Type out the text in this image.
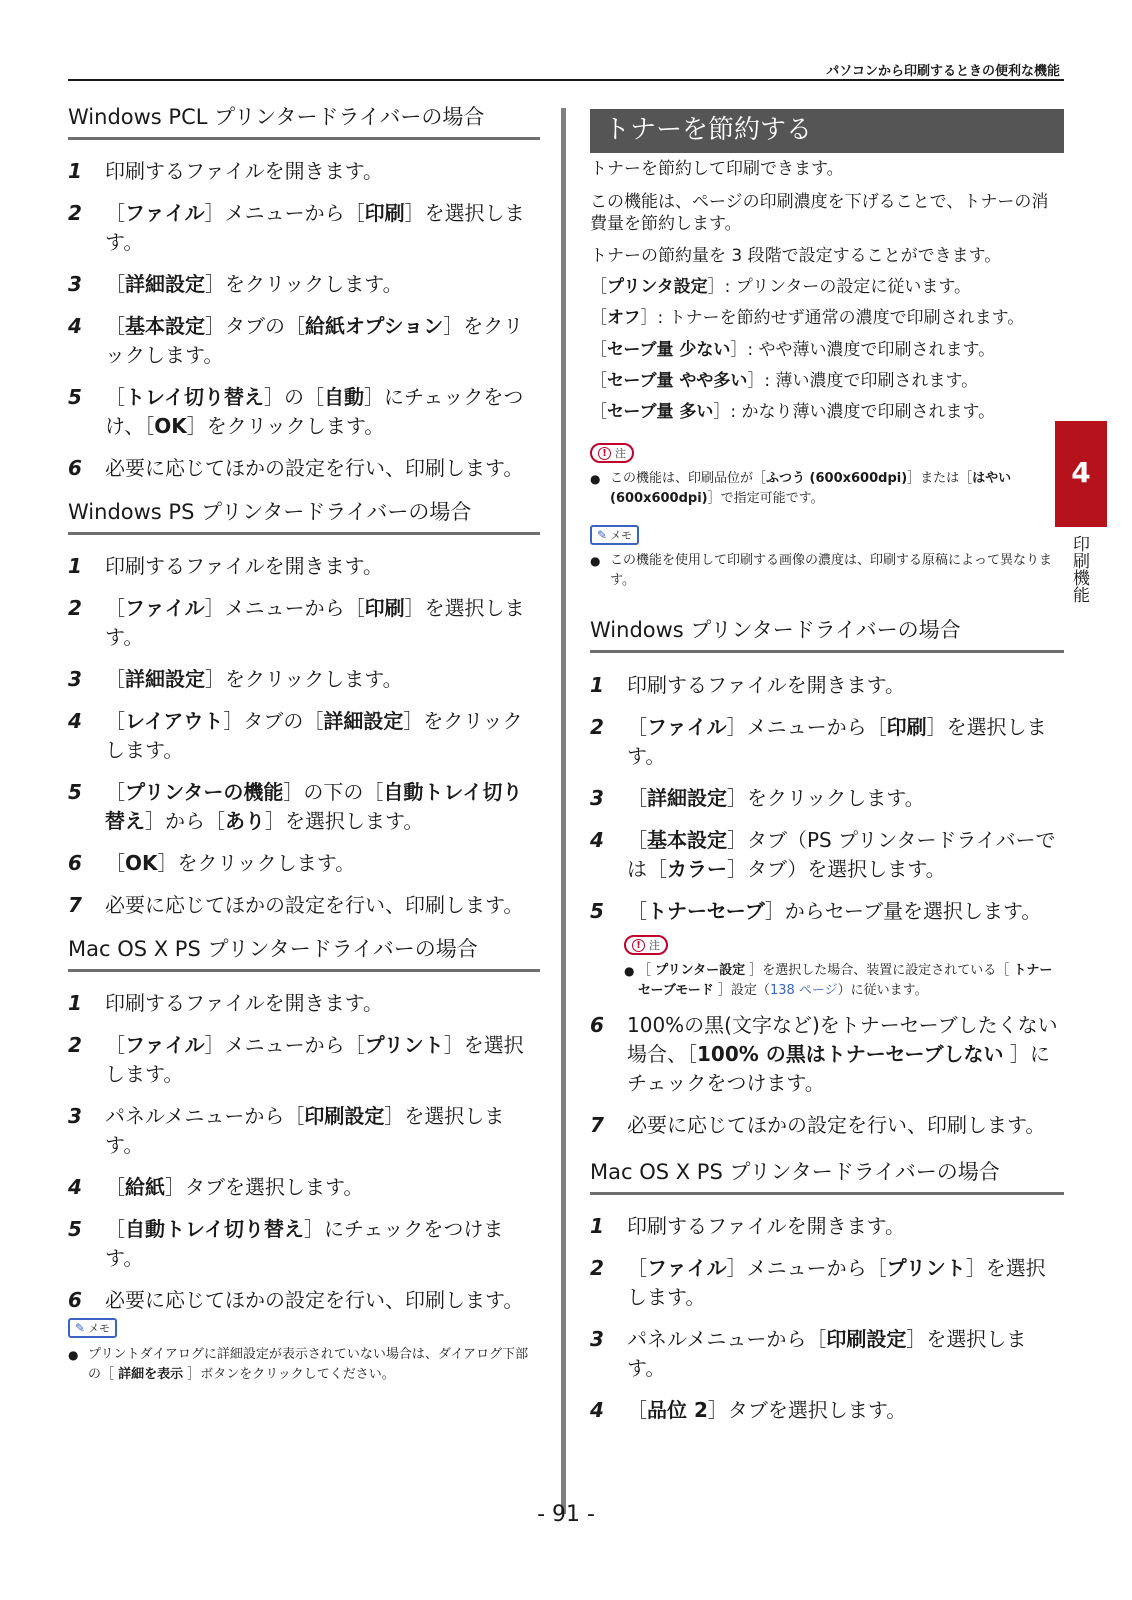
パソコンから印刷するときの便利な機能
Windows PCL プリンタードライバーの場合
1	印刷するファイルを開きます。
2	［ファイル］メニューから［印刷］を選択します。
3	［詳細設定］をクリックします。
4	［基本設定］タブの［給紙オプション］をクリックします。
5	［トレイ切り替え］の［自動］にチェックをつけ、［OK］をクリックします。
6	必要に応じてほかの設定を行い、印刷します。
Windows PS プリンタードライバーの場合
1	印刷するファイルを開きます。
2	［ファイル］メニューから［印刷］を選択します。
3	［詳細設定］をクリックします。
4	［レイアウト］タブの［詳細設定］をクリックします。
5	［プリンターの機能］の下の［自動トレイ切り替え］から［あり］を選択します。
6	［OK］をクリックします。
7	必要に応じてほかの設定を行い、印刷します。
Mac OS X PS プリンタードライバーの場合
1	印刷するファイルを開きます。
2	［ファイル］メニューから［プリント］を選択します。
3	パネルメニューから［印刷設定］を選択します。
4	［給紙］タブを選択します。
5	［自動トレイ切り替え］にチェックをつけます。
6	必要に応じてほかの設定を行い、印刷します。
✎ メモ
● プリントダイアログに詳細設定が表示されていない場合は、ダイアログ下部の［ 詳細を表示 ］ボタンをクリックしてください。
トナーを節約する
トナーを節約して印刷できます。
この機能は、ページの印刷濃度を下げることで、トナーの消費量を節約します。
トナーの節約量を 3 段階で設定することができます。
［プリンタ設定］: プリンターの設定に従います。
［オフ］: トナーを節約せず通常の濃度で印刷されます。
［セーブ量 少ない］: やや薄い濃度で印刷されます。
［セーブ量 やや多い］: 薄い濃度で印刷されます。
［セーブ量 多い］: かなり薄い濃度で印刷されます。
! 注
● この機能は、印刷品位が［ふつう (600x600dpi)］または［はやい (600x600dpi)］で指定可能です。
✎ メモ
● この機能を使用して印刷する画像の濃度は、印刷する原稿によって異なります。
Windows プリンタードライバーの場合
1	印刷するファイルを開きます。
2	［ファイル］メニューから［印刷］を選択します。
3	［詳細設定］をクリックします。
4	［基本設定］タブ（PS プリンタードライバーでは［カラー］タブ）を選択します。
5	［トナーセーブ］からセーブ量を選択します。
! 注
● ［ プリンター設定 ］を選択した場合、装置に設定されている［ トナーセーブモード ］設定（138 ページ）に従います。
6	100%の黒(文字など)をトナーセーブしたくない場合、［100% の黒はトナーセーブしない ］にチェックをつけます。
7	必要に応じてほかの設定を行い、印刷します。
Mac OS X PS プリンタードライバーの場合
1	印刷するファイルを開きます。
2	［ファイル］メニューから［プリント］を選択します。
3	パネルメニューから［印刷設定］を選択します。
4	［品位 2］タブを選択します。
4
印刷機能
- 91 -
